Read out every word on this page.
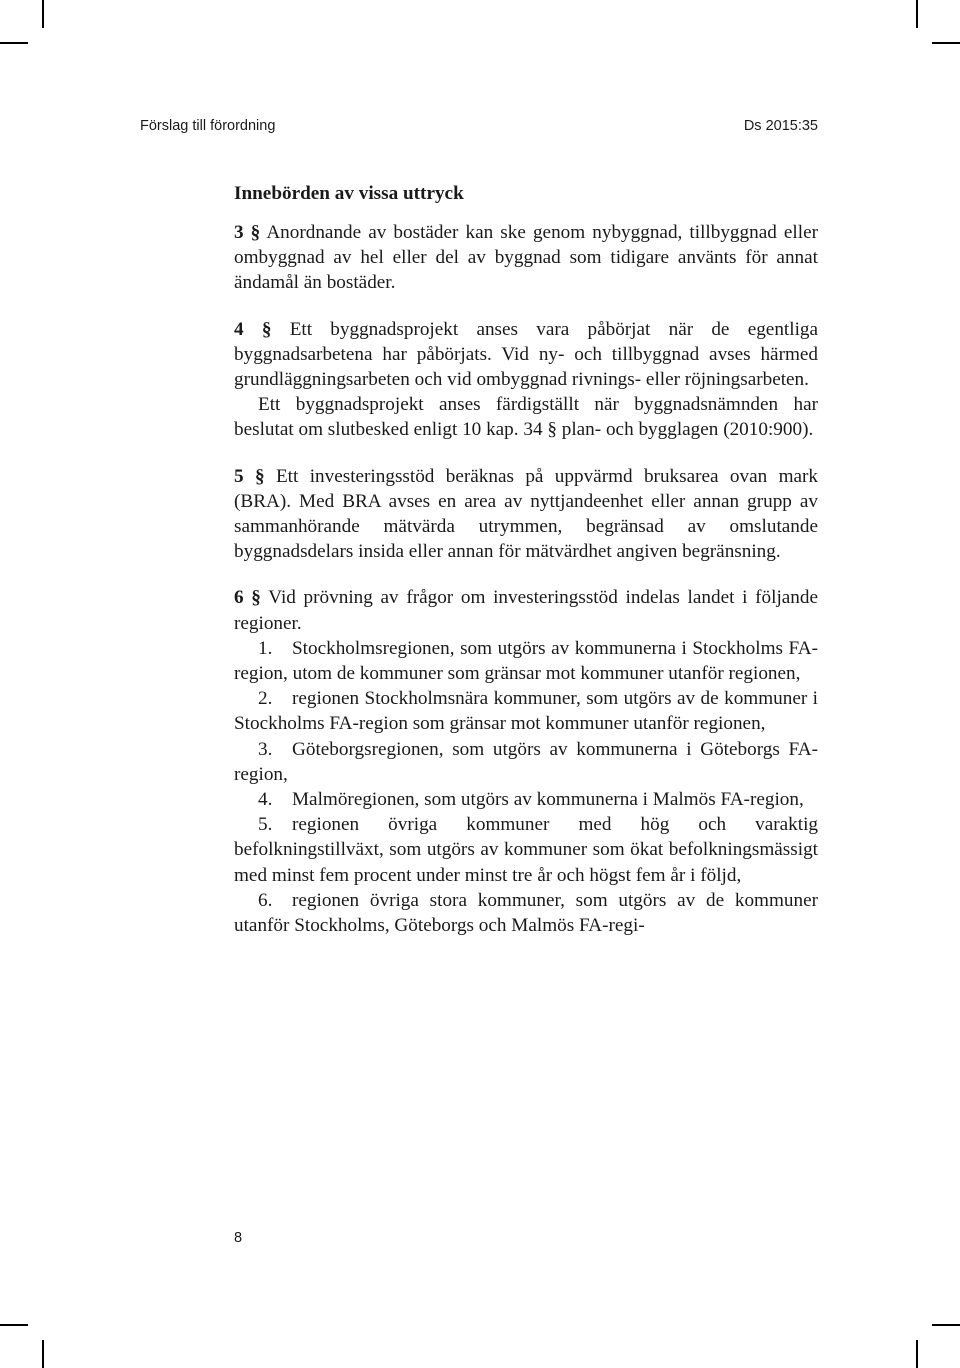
Förslag till förordning	Ds 2015:35
Innebörden av vissa uttryck

3 § Anordnande av bostäder kan ske genom nybyggnad, tillbyggnad eller ombyggnad av hel eller del av byggnad som tidigare använts för annat ändamål än bostäder.

4 § Ett byggnadsprojekt anses vara påbörjat när de egentliga byggnadsarbetena har påbörjats. Vid ny- och tillbyggnad avses härmed grundläggningsarbeten och vid ombyggnad rivnings- eller röjningsarbeten.

Ett byggnadsprojekt anses färdigställt när byggnadsnämnden har beslutat om slutbesked enligt 10 kap. 34 § plan- och bygglagen (2010:900).

5 § Ett investeringsstöd beräknas på uppvärmd bruksarea ovan mark (BRA). Med BRA avses en area av nyttjandeenhet eller annan grupp av sammanhörande mätvärda utrymmen, begränsad av omslutande byggnadsdelars insida eller annan för mätvärdhet angiven begränsning.

6 § Vid prövning av frågor om investeringsstöd indelas landet i följande regioner.

1. Stockholmsregionen, som utgörs av kommunerna i Stockholms FA-region, utom de kommuner som gränsar mot kommuner utanför regionen,

2. regionen Stockholmsnära kommuner, som utgörs av de kommuner i Stockholms FA-region som gränsar mot kommuner utanför regionen,

3. Göteborgsregionen, som utgörs av kommunerna i Göteborgs FA-region,

4. Malmöregionen, som utgörs av kommunerna i Malmös FA-region,

5. regionen övriga kommuner med hög och varaktig befolkningstillväxt, som utgörs av kommuner som ökat befolkningsmässigt med minst fem procent under minst tre år och högst fem år i följd,

6. regionen övriga stora kommuner, som utgörs av de kommuner utanför Stockholms, Göteborgs och Malmös FA-regi-

8
